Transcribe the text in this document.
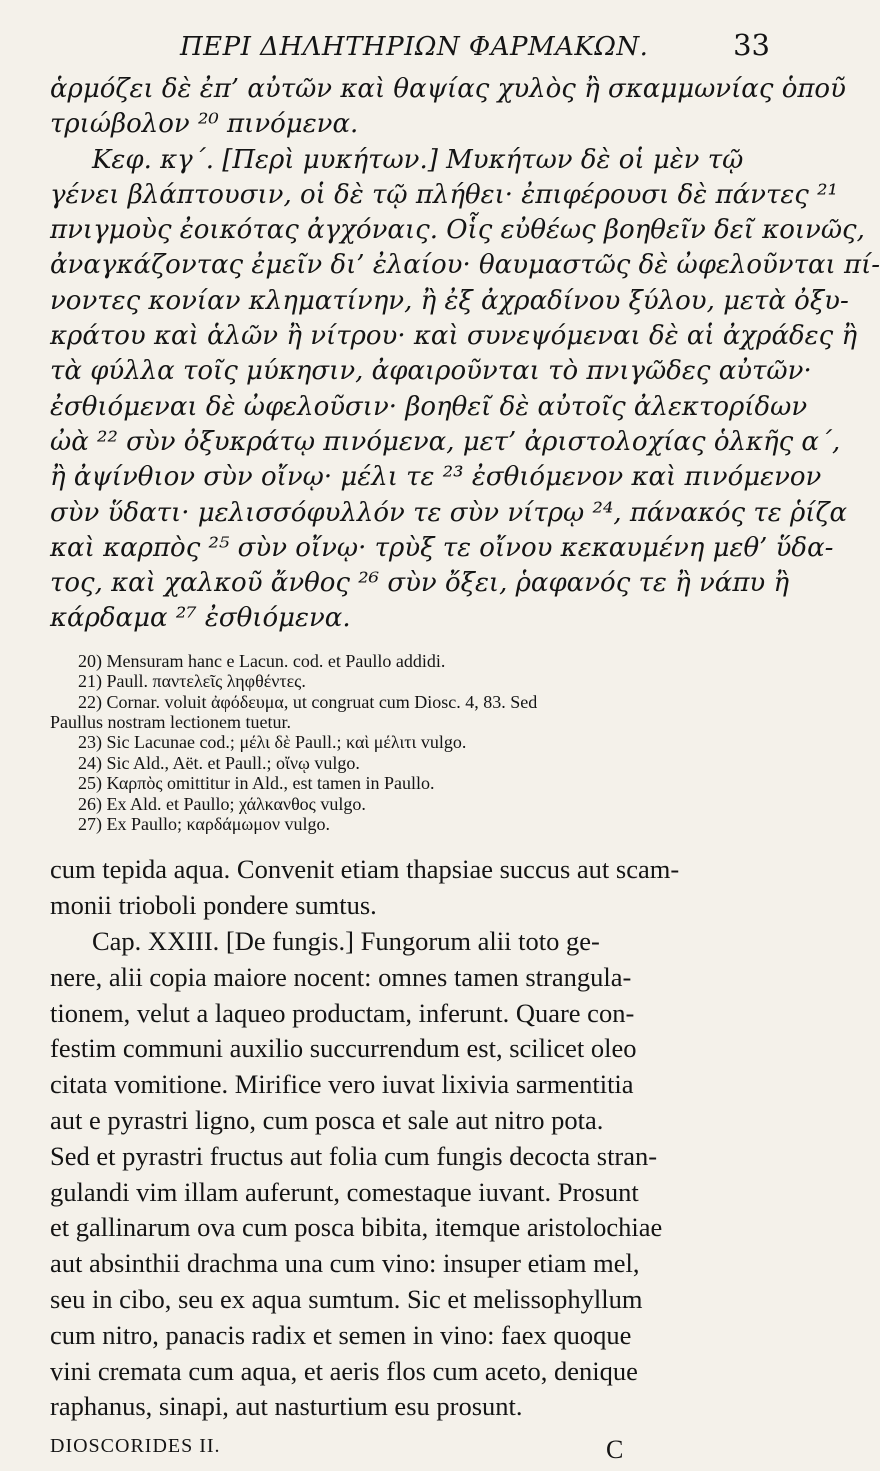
ΠΕΡΙ ΔΗΛΗΤΗΡΙΩΝ ΦΑΡΜΑΚΩΝ.	33
ἁρμόζει δὲ ἐπ’ αὐτῶν καὶ θαψίας χυλὸς ἢ σκαμμωνίας ὁποῦ
τριώβολον ²⁰ πινόμενα.
Κεφ. κγ΄. [Περὶ μυκήτων.] Μυκήτων δὲ οἱ μὲν τῷ
γένει βλάπτουσιν, οἱ δὲ τῷ πλήθει· ἐπιφέρουσι δὲ πάντες ²¹
πνιγμοὺς ἐοικότας ἀγχόναις. Οἷς εὐθέως βοηθεῖν δεῖ κοινῶς,
ἀναγκάζοντας ἐμεῖν δι’ ἐλαίου· θαυμαστῶς δὲ ὠφελοῦνται πί-
νοντες κονίαν κληματίνην, ἢ ἐξ ἀχραδίνου ξύλου, μετὰ ὀξυ-
κράτου καὶ ἁλῶν ἢ νίτρου· καὶ συνεψόμεναι δὲ αἱ ἀχράδες ἢ
τὰ φύλλα τοῖς μύκησιν, ἀφαιροῦνται τὸ πνιγῶδες αὐτῶν·
ἐσθιόμεναι δὲ ὠφελοῦσιν· βοηθεῖ δὲ αὐτοῖς ἀλεκτορίδων
ὠὰ ²² σὺν ὀξυκράτῳ πινόμενα, μετ’ ἀριστολοχίας ὁλκῆς α΄,
ἢ ἀψίνθιον σὺν οἴνῳ· μέλι τε ²³ ἐσθιόμενον καὶ πινόμενον
σὺν ὕδατι· μελισσόφυλλόν τε σὺν νίτρῳ ²⁴, πάνακός τε ῥίζα
καὶ καρπὸς ²⁵ σὺν οἴνῳ· τρὺξ τε οἴνου κεκαυμένη μεθ’ ὕδα-
τος, καὶ χαλκοῦ ἄνθος ²⁶ σὺν ὄξει, ῥαφανός τε ἢ νάπυ ἢ
κάρδαμα ²⁷ ἐσθιόμενα.
20) Mensuram hanc e Lacun. cod. et Paullo addidi.
21) Paull. παντελεῖς ληφθέντες.
22) Cornar. voluit ἀφόδευμα, ut congruat cum Diosc. 4, 83. Sed
Paullus nostram lectionem tuetur.
23) Sic Lacunae cod.; μέλι δὲ Paull.; καὶ μέλιτι vulgo.
24) Sic Ald., Aët. et Paull.; οἴνῳ vulgo.
25) Καρπὸς omittitur in Ald., est tamen in Paullo.
26) Ex Ald. et Paullo; χάλκανθος vulgo.
27) Ex Paullo; καρδάμωμον vulgo.
cum tepida aqua. Convenit etiam thapsiae succus aut scam-
monii trioboli pondere sumtus.
Cap. XXIII. [De fungis.] Fungorum alii toto ge-
nere, alii copia maiore nocent: omnes tamen strangula-
tionem, velut a laqueo productam, inferunt. Quare con-
festim communi auxilio succurrendum est, scilicet oleo
citata vomitione. Mirifice vero iuvat lixivia sarmentitia
aut e pyrastri ligno, cum posca et sale aut nitro pota.
Sed et pyrastri fructus aut folia cum fungis decocta stran-
gulandi vim illam auferunt, comestaque iuvant. Prosunt
et gallinarum ova cum posca bibita, itemque aristolochiae
aut absinthii drachma una cum vino: insuper etiam mel,
seu in cibo, seu ex aqua sumtum. Sic et melissophyllum
cum nitro, panacis radix et semen in vino: faex quoque
vini cremata cum aqua, et aeris flos cum aceto, denique
raphanus, sinapi, aut nasturtium esu prosunt.
DIOSCORIDES II.	C
